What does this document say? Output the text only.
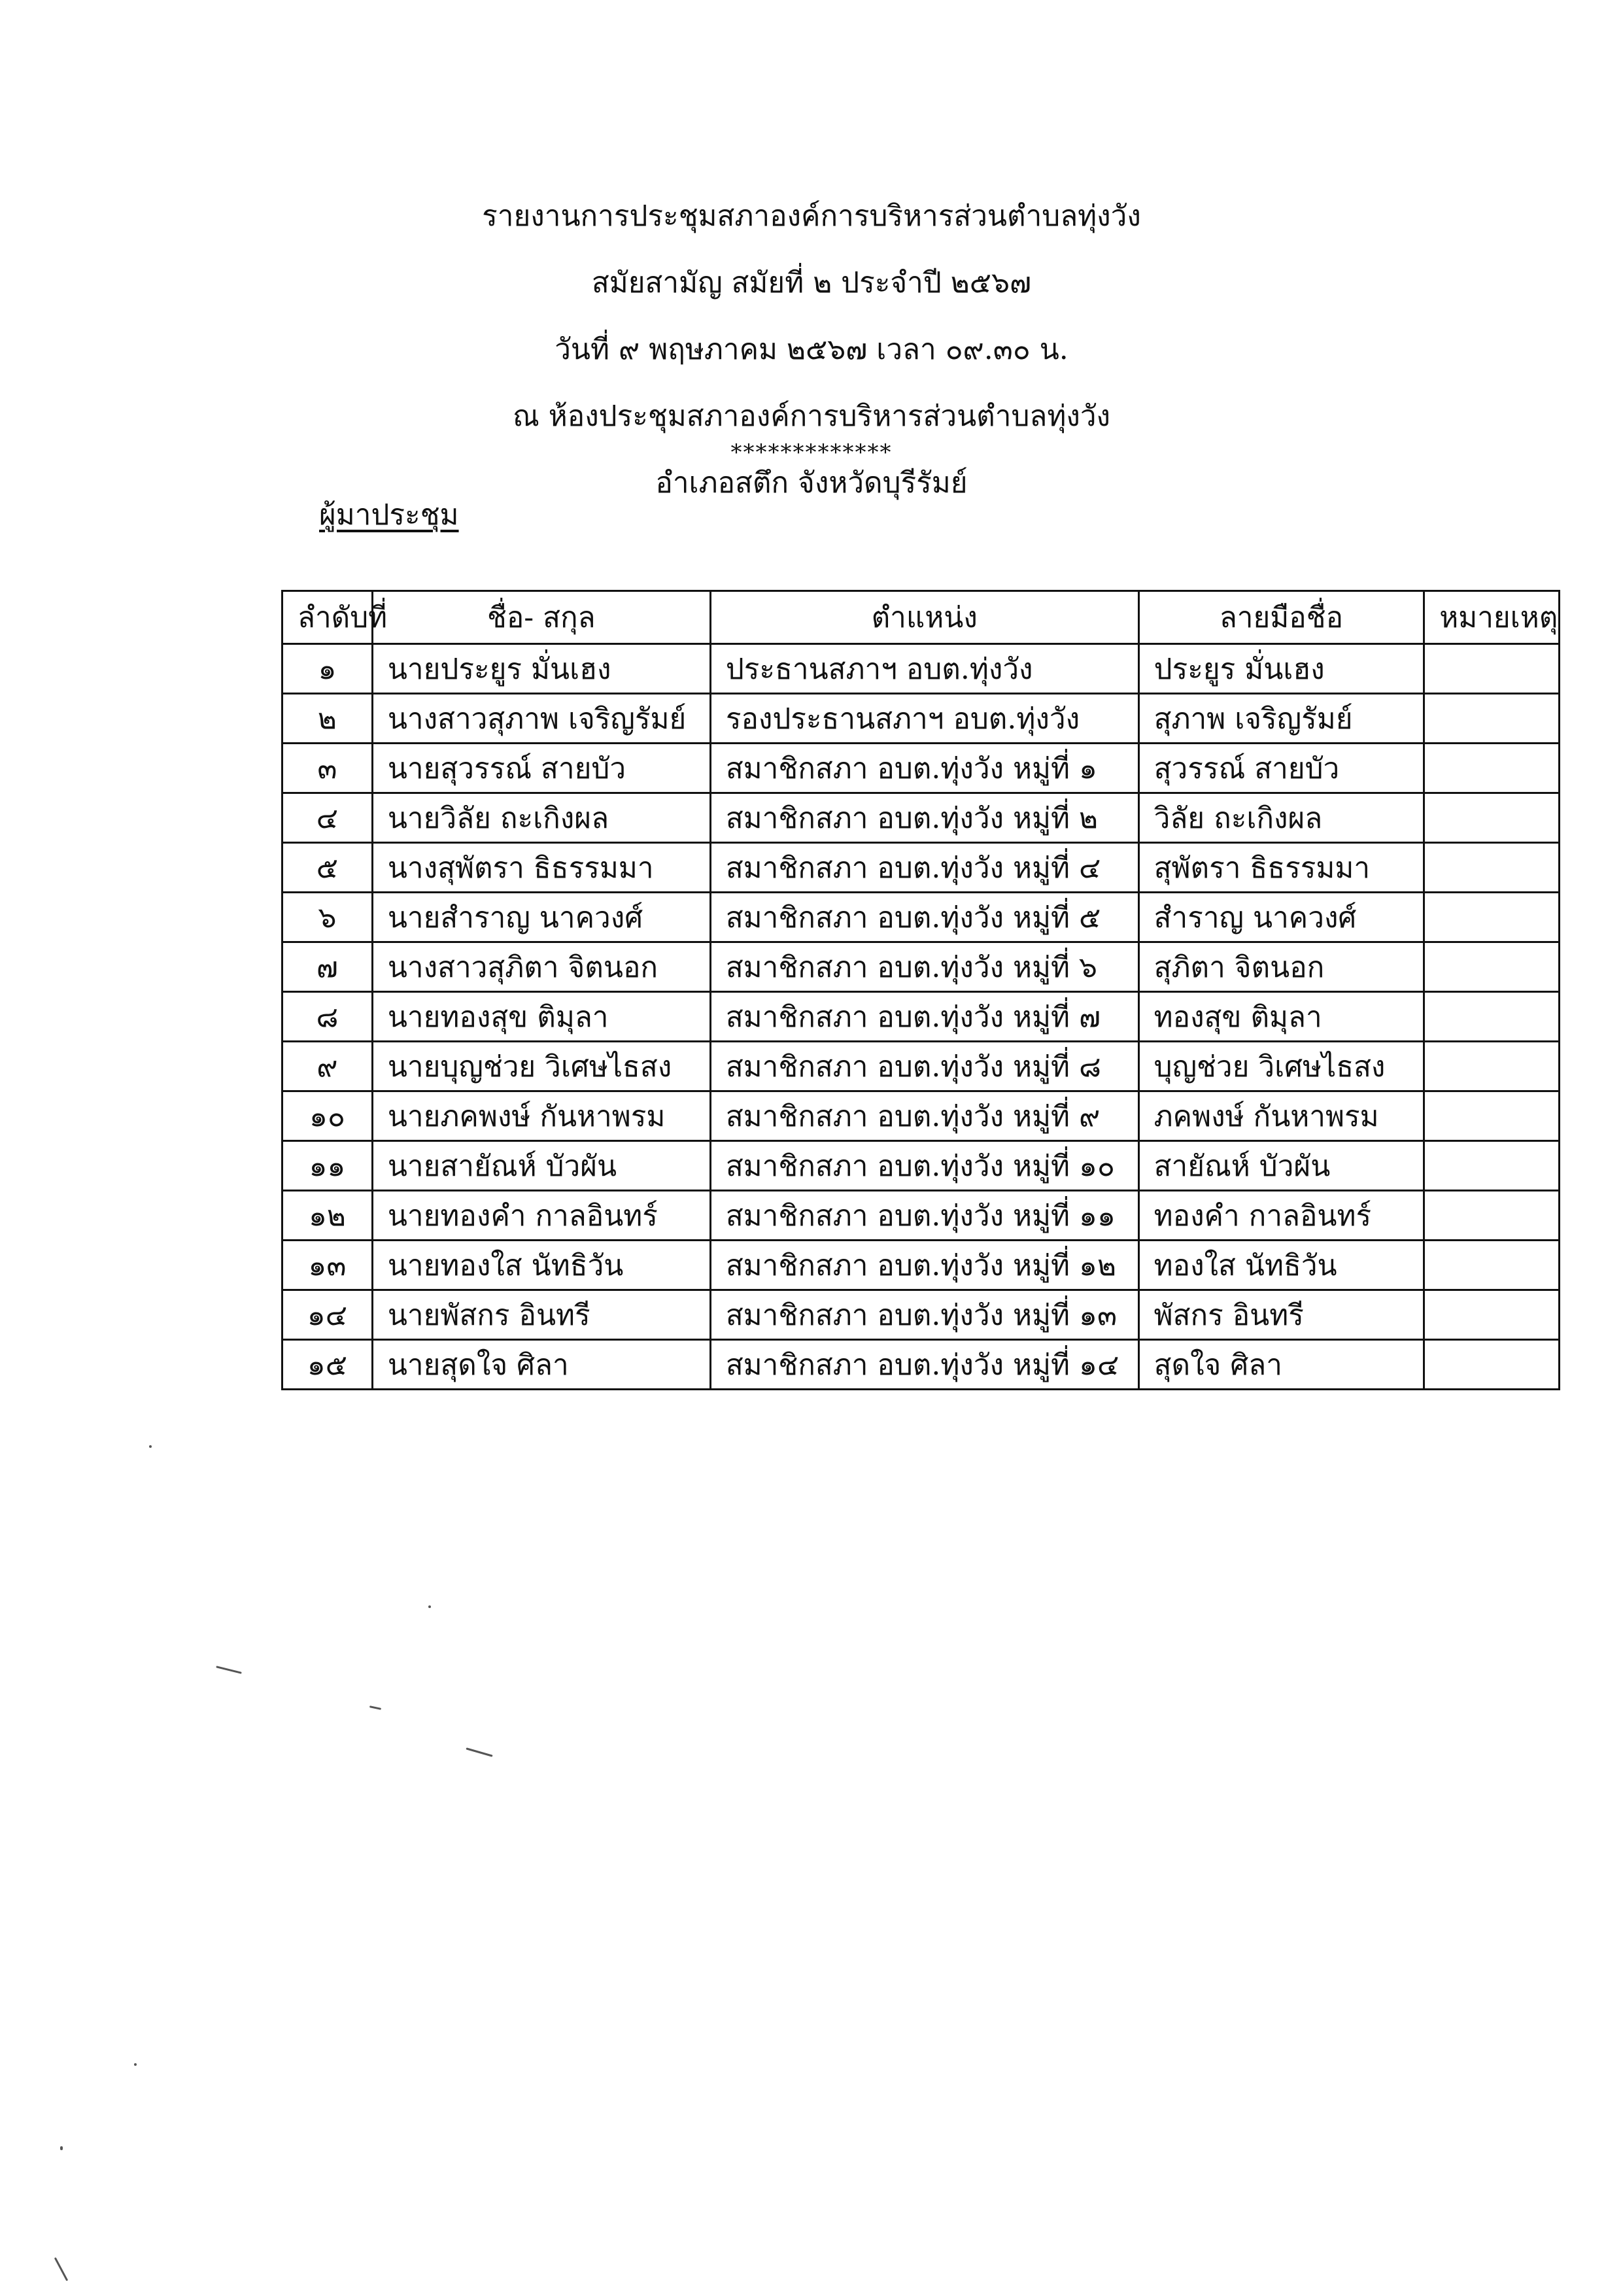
รายงานการประชุมสภาองค์การบริหารส่วนตำบลทุ่งวัง
สมัยสามัญ สมัยที่ ๒ ประจำปี ๒๕๖๗
วันที่ ๙ พฤษภาคม ๒๕๖๗ เวลา ๐๙.๓๐ น.
ณ ห้องประชุมสภาองค์การบริหารส่วนตำบลทุ่งวัง
อำเภอสตึก จังหวัดบุรีรัมย์
*************
ผู้มาประชุม
ลำดับที่	ชื่อ- สกุล	ตำแหน่ง	ลายมือชื่อ	หมายเหตุ
๑	นายประยูร มั่นเฮง	ประธานสภาฯ อบต.ทุ่งวัง	ประยูร มั่นเฮง	
๒	นางสาวสุภาพ เจริญรัมย์	รองประธานสภาฯ อบต.ทุ่งวัง	สุภาพ เจริญรัมย์	
๓	นายสุวรรณ์ สายบัว	สมาชิกสภา อบต.ทุ่งวัง หมู่ที่ ๑	สุวรรณ์ สายบัว	
๔	นายวิลัย ถะเกิงผล	สมาชิกสภา อบต.ทุ่งวัง หมู่ที่ ๒	วิลัย ถะเกิงผล	
๕	นางสุพัตรา ธิธรรมมา	สมาชิกสภา อบต.ทุ่งวัง หมู่ที่ ๔	สุพัตรา ธิธรรมมา	
๖	นายสำราญ นาควงศ์	สมาชิกสภา อบต.ทุ่งวัง หมู่ที่ ๕	สำราญ นาควงศ์	
๗	นางสาวสุภิตา จิตนอก	สมาชิกสภา อบต.ทุ่งวัง หมู่ที่ ๖	สุภิตา จิตนอก	
๘	นายทองสุข ติมุลา	สมาชิกสภา อบต.ทุ่งวัง หมู่ที่ ๗	ทองสุข ติมุลา	
๙	นายบุญช่วย วิเศษไธสง	สมาชิกสภา อบต.ทุ่งวัง หมู่ที่ ๘	บุญช่วย วิเศษไธสง	
๑๐	นายภคพงษ์ กันหาพรม	สมาชิกสภา อบต.ทุ่งวัง หมู่ที่ ๙	ภคพงษ์ กันหาพรม	
๑๑	นายสายัณห์ บัวผัน	สมาชิกสภา อบต.ทุ่งวัง หมู่ที่ ๑๐	สายัณห์ บัวผัน	
๑๒	นายทองคำ กาลอินทร์	สมาชิกสภา อบต.ทุ่งวัง หมู่ที่ ๑๑	ทองคำ กาลอินทร์	
๑๓	นายทองใส นัทธิวัน	สมาชิกสภา อบต.ทุ่งวัง หมู่ที่ ๑๒	ทองใส นัทธิวัน	
๑๔	นายพัสกร อินทรี	สมาชิกสภา อบต.ทุ่งวัง หมู่ที่ ๑๓	พัสกร อินทรี	
๑๕	นายสุดใจ ศิลา	สมาชิกสภา อบต.ทุ่งวัง หมู่ที่ ๑๔	สุดใจ ศิลา	
